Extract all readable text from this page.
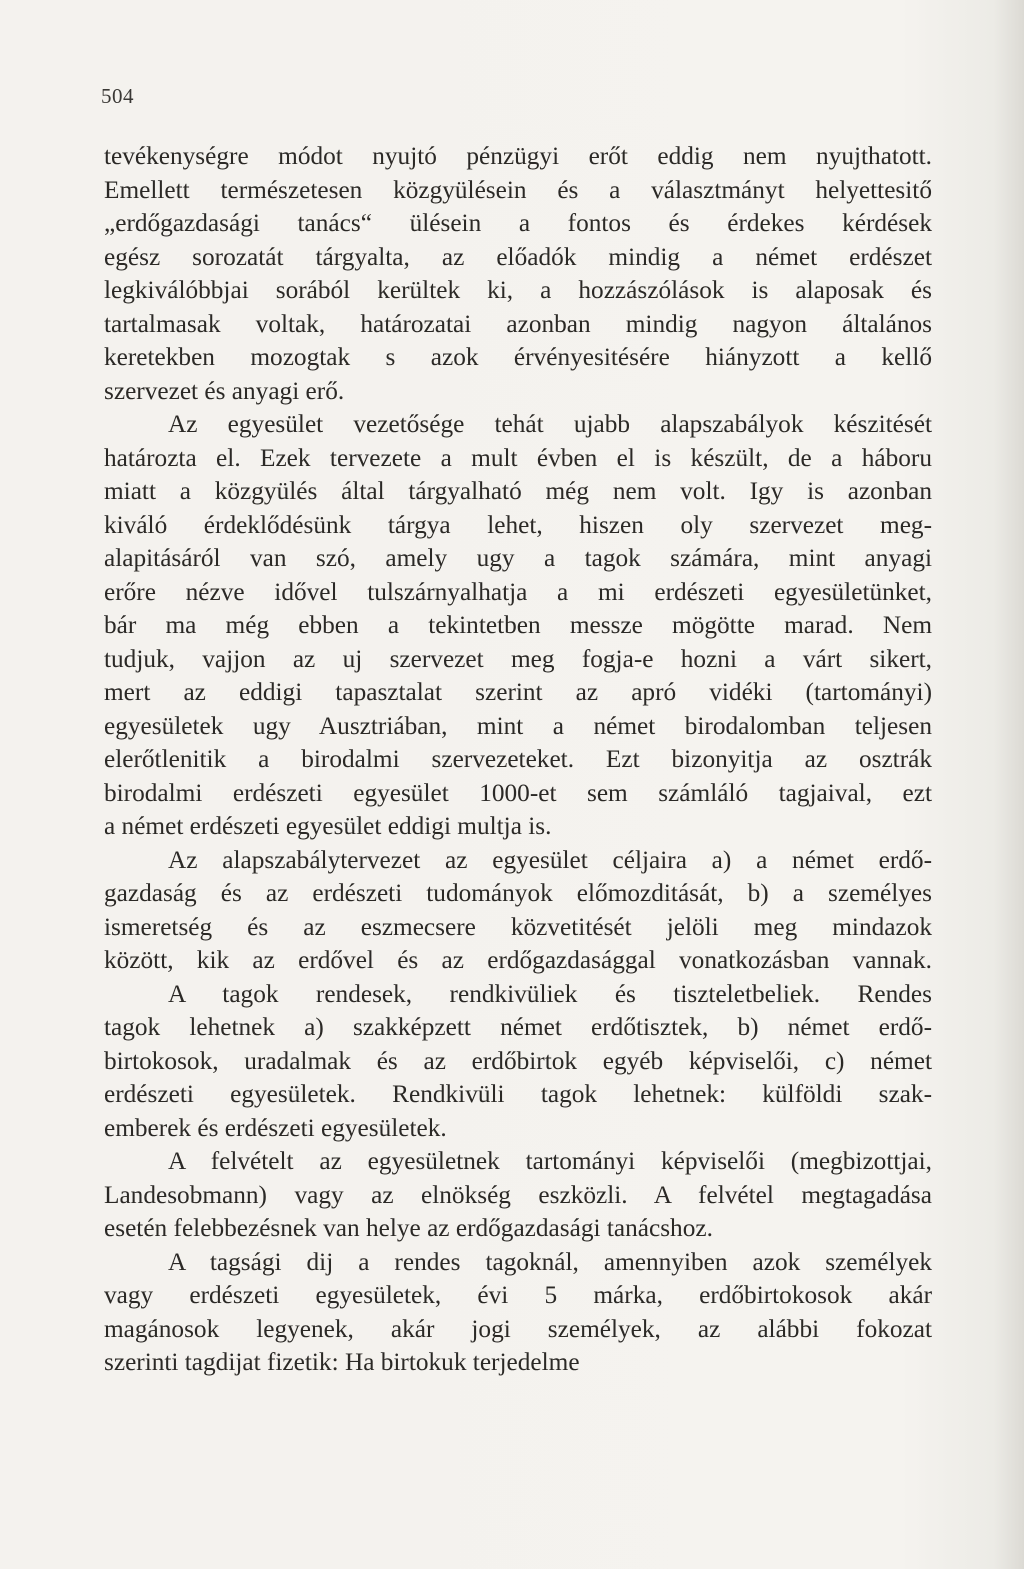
504

tevékenységre módot nyujtó pénzügyi erőt eddig nem nyujthatott.
Emellett természetesen közgyülésein és a választmányt helyettesitő
„erdőgazdasági tanács“ ülésein a fontos és érdekes kérdések
egész sorozatát tárgyalta, az előadók mindig a német erdészet
legkiválóbbjai sorából kerültek ki, a hozzászólások is alaposak és
tartalmasak voltak, határozatai azonban mindig nagyon általános
keretekben mozogtak s azok érvényesitésére hiányzott a kellő
szervezet és anyagi erő.

Az egyesület vezetősége tehát ujabb alapszabályok készitését
határozta el. Ezek tervezete a mult évben el is készült, de a háboru
miatt a közgyülés által tárgyalható még nem volt. Igy is azonban
kiváló érdeklődésünk tárgya lehet, hiszen oly szervezet meg-
alapitásáról van szó, amely ugy a tagok számára, mint anyagi
erőre nézve idővel tulszárnyalhatja a mi erdészeti egyesületünket,
bár ma még ebben a tekintetben messze mögötte marad. Nem
tudjuk, vajjon az uj szervezet meg fogja-e hozni a várt sikert,
mert az eddigi tapasztalat szerint az apró vidéki (tartományi)
egyesületek ugy Ausztriában, mint a német birodalomban teljesen
elerőtlenitik a birodalmi szervezeteket. Ezt bizonyitja az osztrák
birodalmi erdészeti egyesület 1000-et sem számláló tagjaival, ezt
a német erdészeti egyesület eddigi multja is.

Az alapszabálytervezet az egyesület céljaira a) a német erdő-
gazdaság és az erdészeti tudományok előmozditását, b) a személyes
ismeretség és az eszmecsere közvetitését jelöli meg mindazok
között, kik az erdővel és az erdőgazdasággal vonatkozásban vannak.

A tagok rendesek, rendkivüliek és tiszteletbeliek. Rendes
tagok lehetnek a) szakképzett német erdőtisztek, b) német erdő-
birtokosok, uradalmak és az erdőbirtok egyéb képviselői, c) német
erdészeti egyesületek. Rendkivüli tagok lehetnek: külföldi szak-
emberek és erdészeti egyesületek.

A felvételt az egyesületnek tartományi képviselői (megbizottjai,
Landesobmann) vagy az elnökség eszközli. A felvétel megtagadása
esetén felebbezésnek van helye az erdőgazdasági tanácshoz.

A tagsági dij a rendes tagoknál, amennyiben azok személyek
vagy erdészeti egyesületek, évi 5 márka, erdőbirtokosok akár
magánosok legyenek, akár jogi személyek, az alábbi fokozat
szerinti tagdijat fizetik: Ha birtokuk terjedelme
